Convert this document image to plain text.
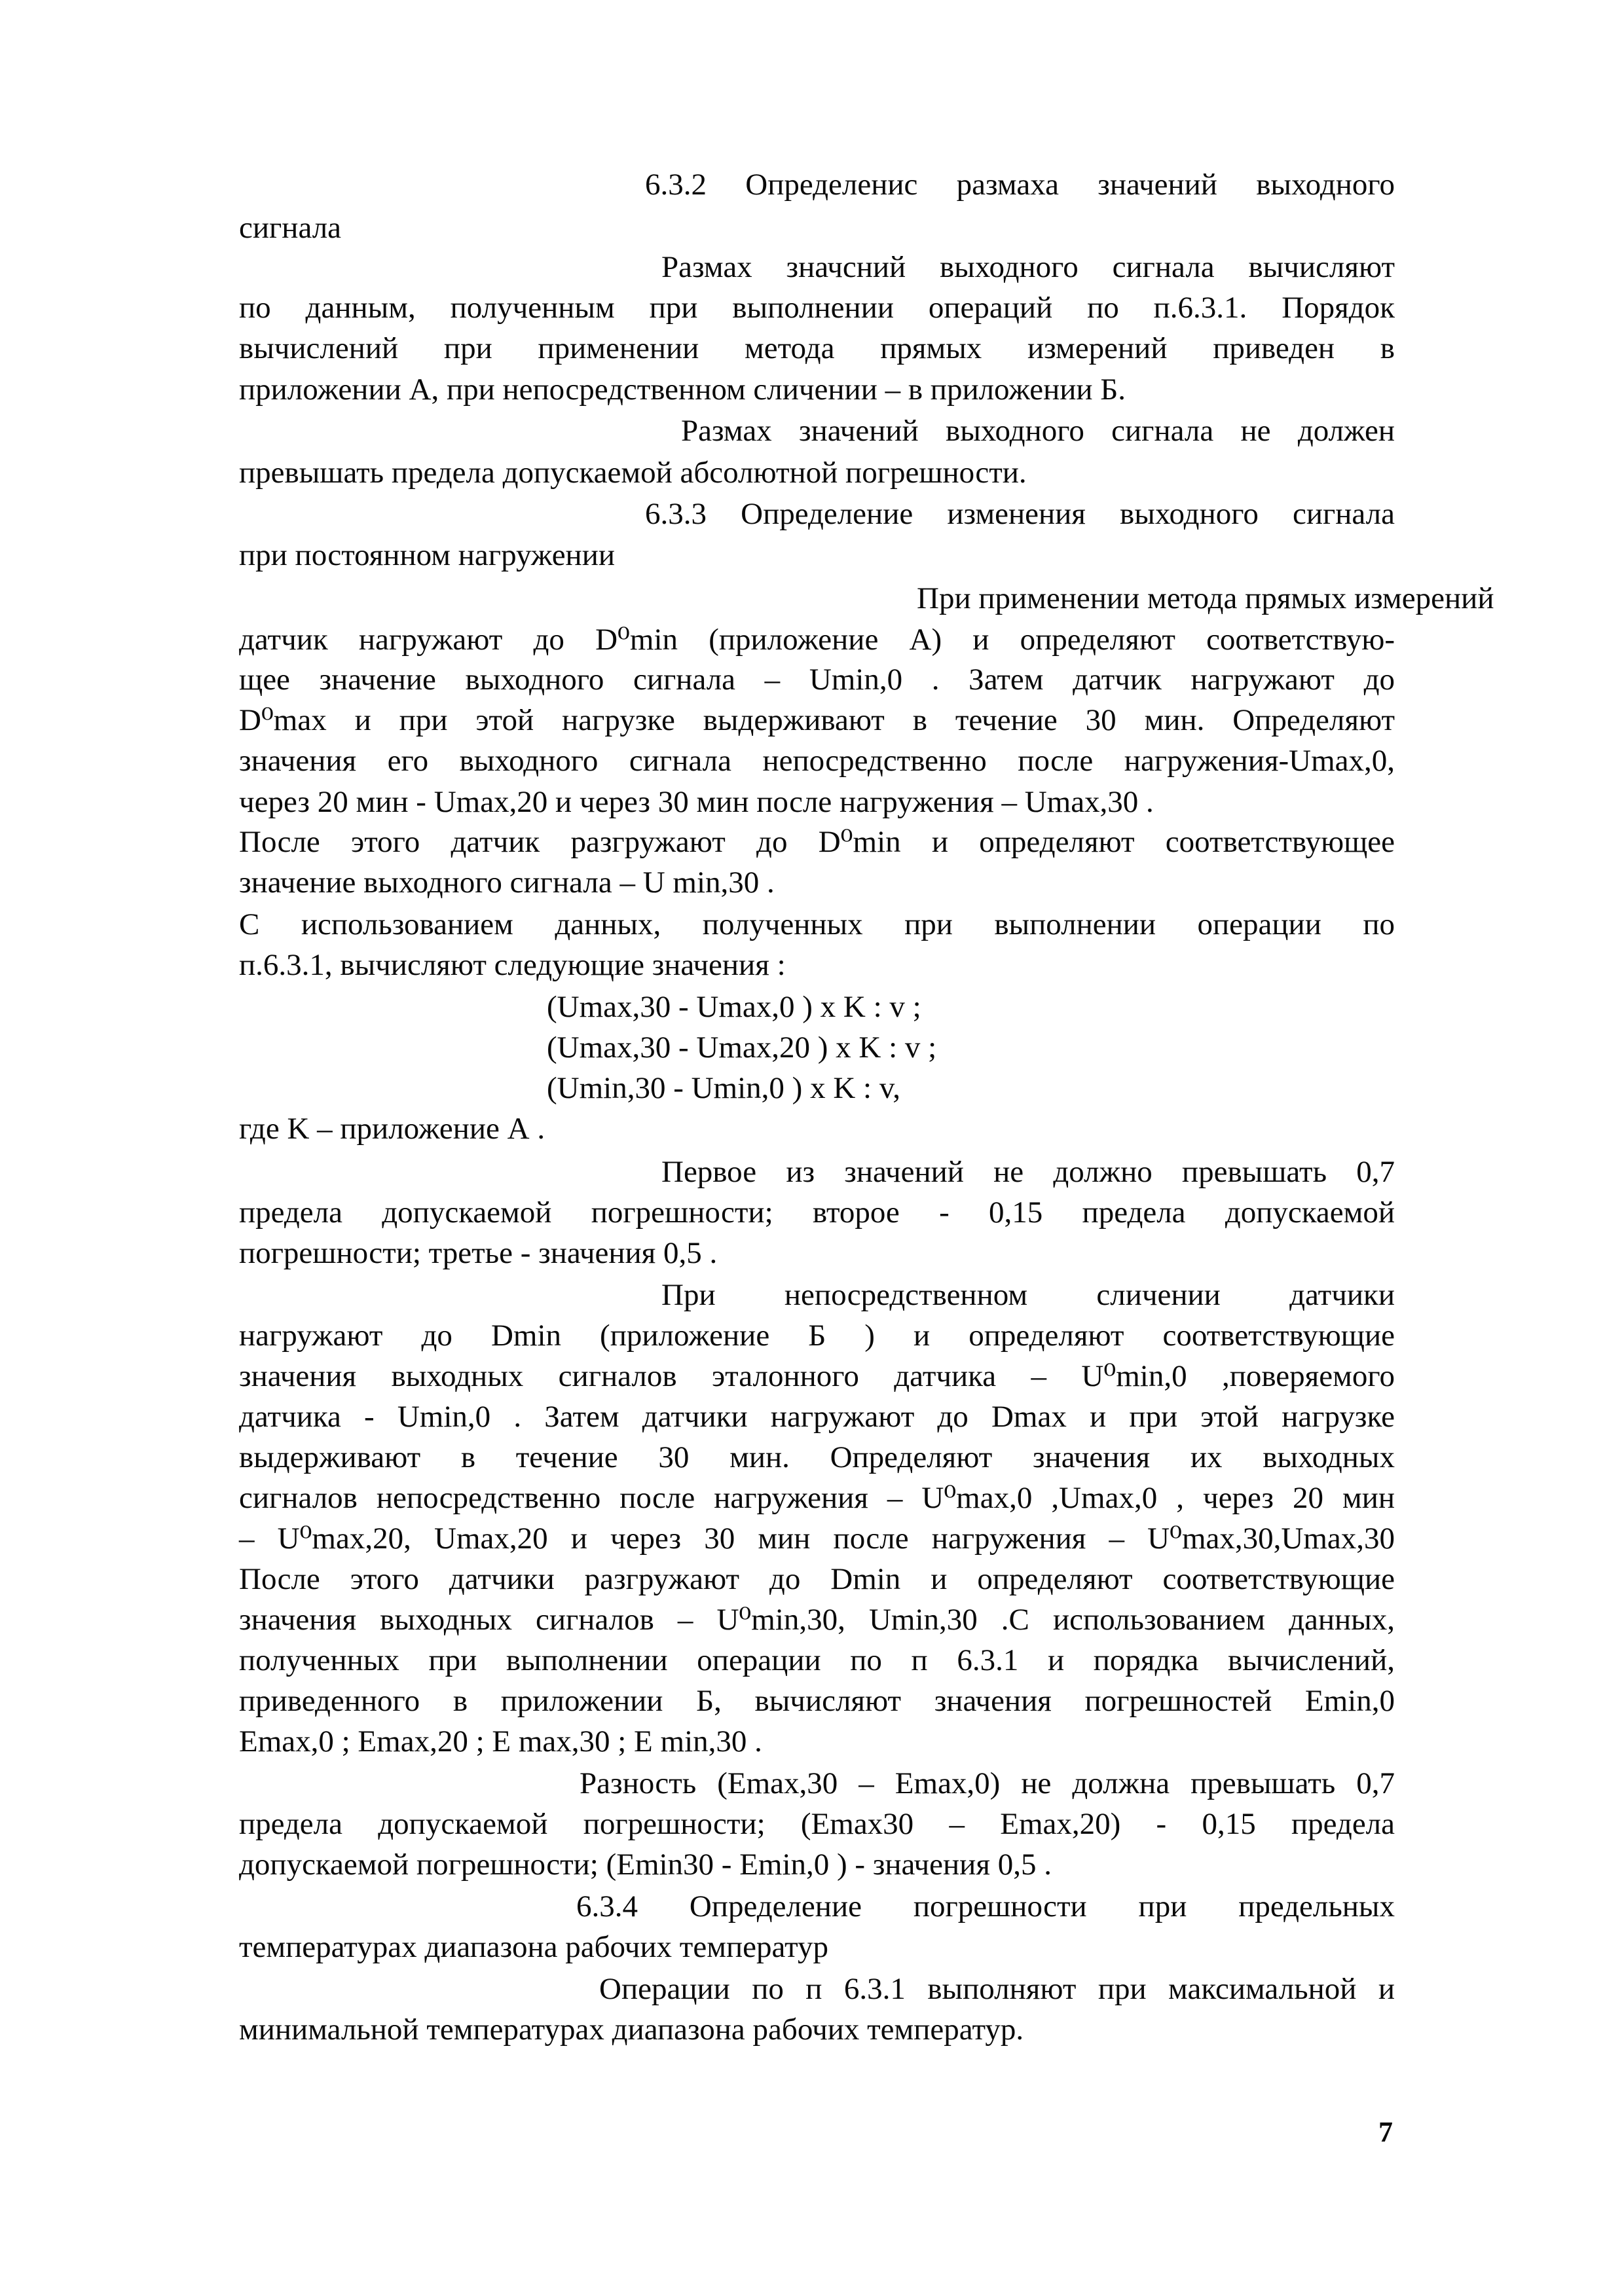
6.3.2 Определенис размаха значений выходного

сигнала

Размах значсний выходного сигнала вычисляют

по данным, полученным при выполнении операций по п.6.3.1. Порядок

вычислений при применении метода прямых измерений приведен в

приложении А, при непосредственном сличении – в приложении Б.

Размах значений выходного сигнала не должен

превышать предела допускаемой абсолютной погрешности.

6.3.3 Определение изменения выходного сигнала

при постоянном нагружении

При применении метода прямых измерений

датчик нагружают до D⁰min (приложение А) и определяют соответствую-

щее значение выходного сигнала – Umin,0 . Затем датчик нагружают до

D⁰max и при этой нагрузке выдерживают в течение 30 мин. Определяют

значения его выходного сигнала непосредственно после нагружения-Umax,0,

через 20 мин - Umax,20 и через 30 мин после нагружения – Umax,30 .

После этого датчик разгружают до D⁰min и определяют соответствующее

значение выходного сигнала – U min,30 .

С использованием данных, полученных при выполнении операции по

п.6.3.1, вычисляют следующие значения :

(Umax,30 - Umax,0 ) x K : v ;

(Umax,30 - Umax,20 ) x K : v ;

(Umin,30 - Umin,0 ) x K : v,

где K – приложение А .

Первое из значений не должно превышать 0,7

предела допускаемой погрешности; второе - 0,15 предела допускаемой

погрешности; третье - значения 0,5 .

При непосредственном сличении датчики

нагружают до Dmin (приложение Б ) и определяют соответствующие

значения выходных сигналов эталонного датчика – U⁰min,0 ,поверяемого

датчика - Umin,0 . Затем датчики нагружают до Dmax и при этой нагрузке

выдерживают в течение 30 мин. Определяют значения их выходных

сигналов непосредственно после нагружения – U⁰max,0 ,Umax,0 , через 20 мин

– U⁰max,20, Umax,20 и через 30 мин после нагружения – U⁰max,30,Umax,30

После этого датчики разгружают до Dmin и определяют соответствующие

значения выходных сигналов – U⁰min,30, Umin,30 .С использованием данных,

полученных при выполнении операции по п 6.3.1 и порядка вычислений,

приведенного в приложении Б, вычисляют значения погрешностей Emin,0

Emax,0 ; Emax,20 ; E max,30 ; E min,30 .

Разность (Emax,30 – Emax,0) не должна превышать 0,7

предела допускаемой погрешности; (Emax30 – Emax,20) - 0,15 предела

допускаемой погрешности; (Emin30 - Emin,0 ) - значения 0,5 .

6.3.4 Определение погрешности при предельных

температурах диапазона рабочих температур

Операции по п 6.3.1 выполняют при максимальной и

минимальной температурах диапазона рабочих температур.

7
